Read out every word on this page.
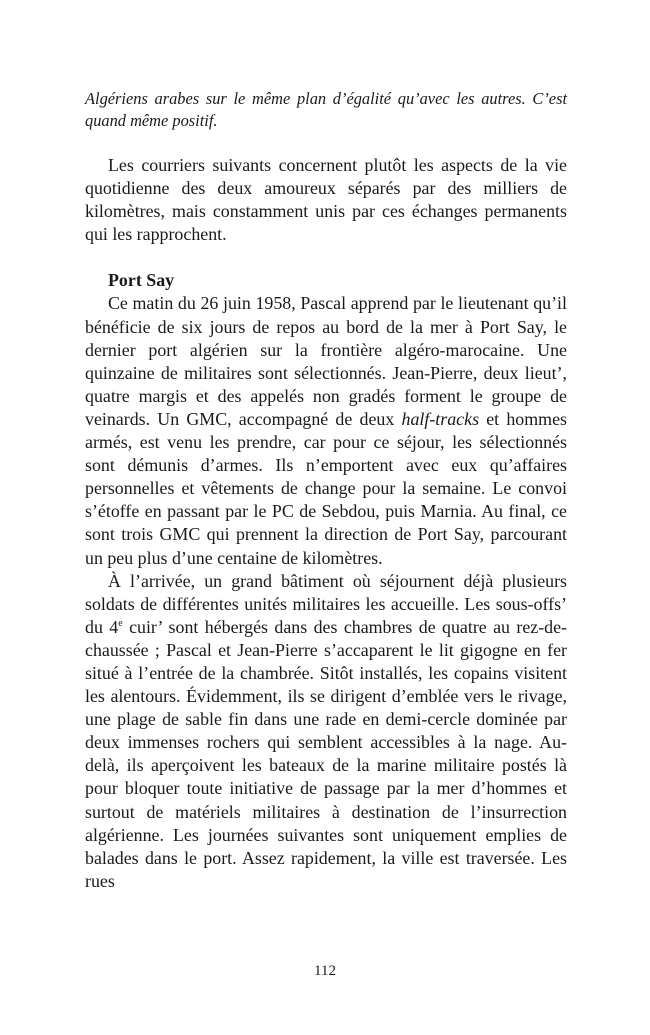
Algériens arabes sur le même plan d’égalité qu’avec les autres. C’est quand même positif.

Les courriers suivants concernent plutôt les aspects de la vie quotidienne des deux amoureux séparés par des milliers de kilomètres, mais constamment unis par ces échanges permanents qui les rapprochent.

Port Say

Ce matin du 26 juin 1958, Pascal apprend par le lieutenant qu’il bénéficie de six jours de repos au bord de la mer à Port Say, le dernier port algérien sur la frontière algéro-marocaine. Une quinzaine de militaires sont sélectionnés. Jean-Pierre, deux lieut’, quatre margis et des appelés non gradés forment le groupe de veinards. Un GMC, accompagné de deux half-tracks et hommes armés, est venu les prendre, car pour ce séjour, les sélectionnés sont démunis d’armes. Ils n’emportent avec eux qu’affaires personnelles et vêtements de change pour la semaine. Le convoi s’étoffe en passant par le PC de Sebdou, puis Marnia. Au final, ce sont trois GMC qui prennent la direction de Port Say, parcourant un peu plus d’une centaine de kilomètres.

À l’arrivée, un grand bâtiment où séjournent déjà plusieurs soldats de différentes unités militaires les accueille. Les sous-offs’ du 4e cuir’ sont hébergés dans des chambres de quatre au rez-de-chaussée ; Pascal et Jean-Pierre s’accaparent le lit gigogne en fer situé à l’entrée de la chambrée. Sitôt installés, les copains visitent les alentours. Évidemment, ils se dirigent d’emblée vers le rivage, une plage de sable fin dans une rade en demi-cercle dominée par deux immenses rochers qui semblent accessibles à la nage. Au-delà, ils aperçoivent les bateaux de la marine militaire postés là pour bloquer toute initiative de passage par la mer d’hommes et surtout de matériels militaires à destination de l’insurrection algérienne. Les journées suivantes sont uniquement emplies de balades dans le port. Assez rapidement, la ville est traversée. Les rues

112
